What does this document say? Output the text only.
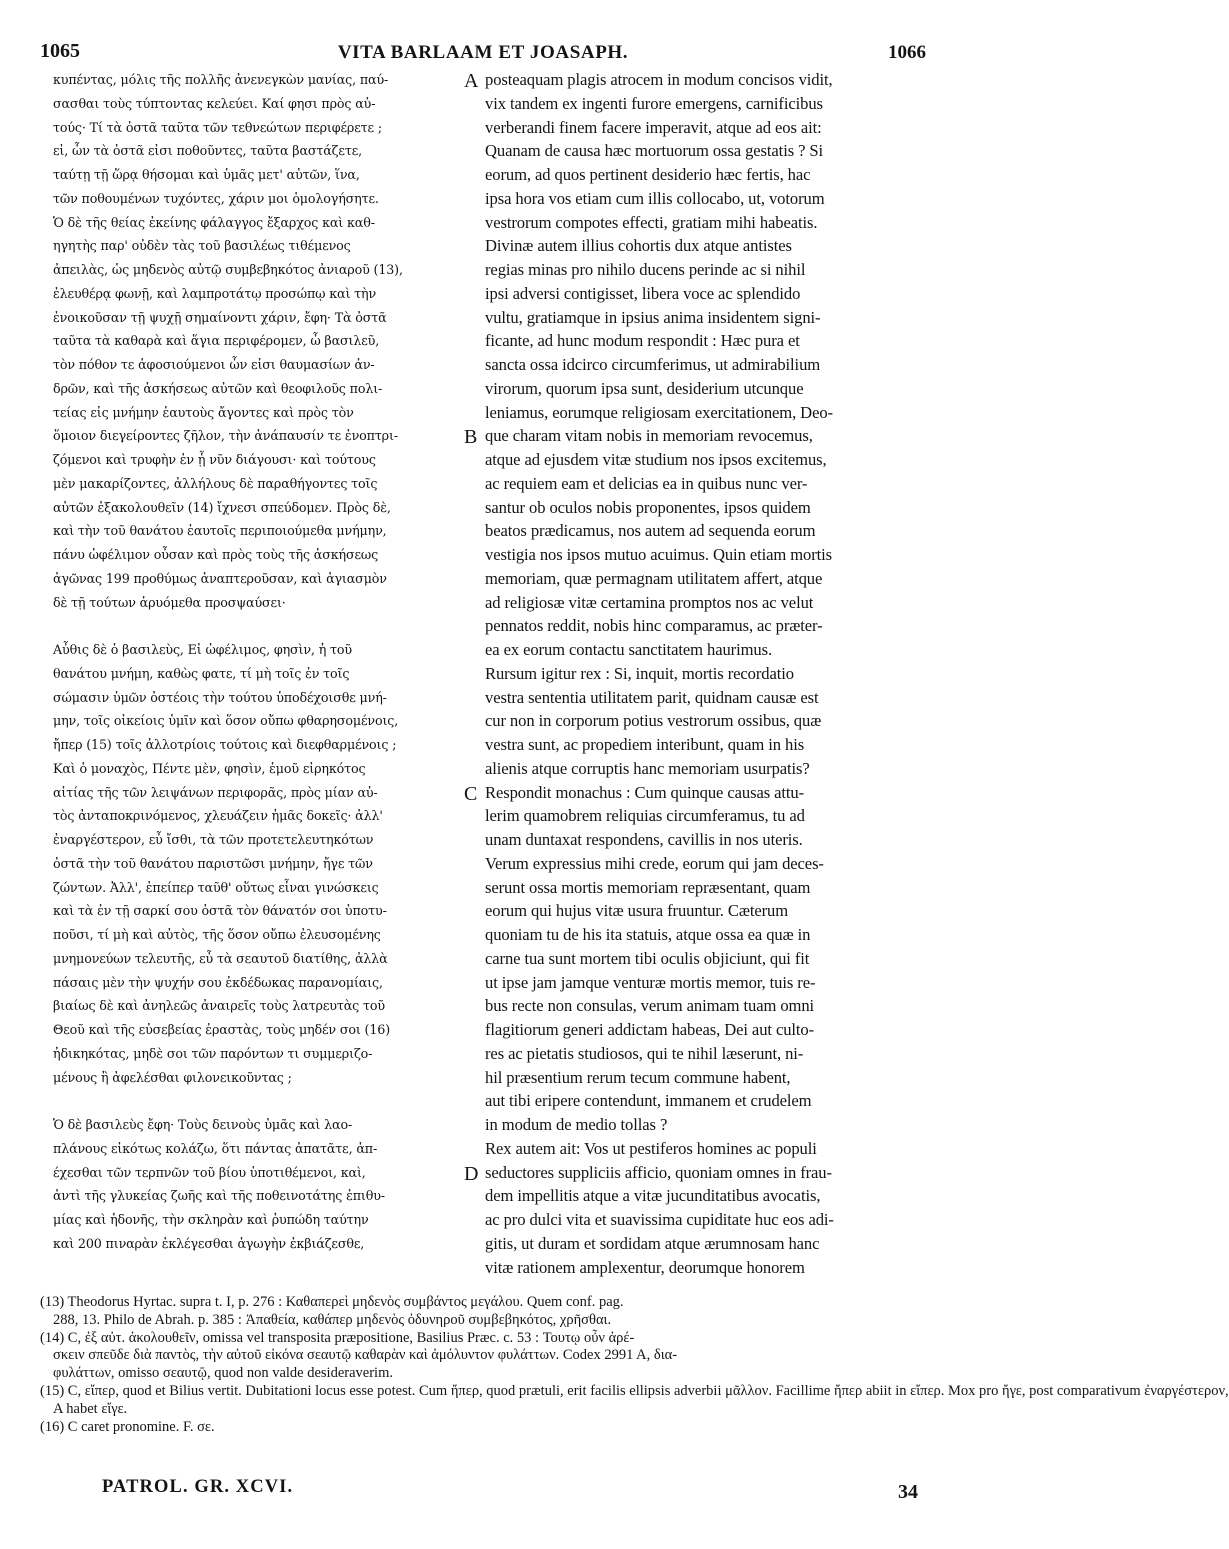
1065	VITA BARLAAM ET JOASAPH.	1066
κυπέντας, μόλις τῆς πολλῆς ἀνενεγκὼν μανίας, παύ-
σασθαι τοὺς τύπτοντας κελεύει. Καί φησι πρὸς αὐ-
τούς· Τί τὰ ὀστᾶ ταῦτα τῶν τεθνεώτων περιφέρετε ;
εἰ, ὧν τὰ ὀστᾶ εἰσι ποθοῦντες, ταῦτα βαστάζετε,
ταύτῃ τῇ ὥρᾳ θήσομαι καὶ ὑμᾶς μετ' αὐτῶν, ἵνα,
τῶν ποθουμένων τυχόντες, χάριν μοι ὁμολογήσητε.
Ὁ δὲ τῆς θείας ἐκείνης φάλαγγος ἔξαρχος καὶ καθ-
ηγητὴς παρ' οὐδὲν τὰς τοῦ βασιλέως τιθέμενος
ἀπειλὰς, ὡς μηδενὸς αὐτῷ συμβεβηκότος ἀνιαροῦ (13),
ἐλευθέρᾳ φωνῇ, καὶ λαμπροτάτῳ προσώπῳ καὶ τὴν
ἐνοικοῦσαν τῇ ψυχῇ σημαίνοντι χάριν, ἔφη· Τὰ ὀστᾶ
ταῦτα τὰ καθαρὰ καὶ ἅγια περιφέρομεν, ὦ βασιλεῦ,
τὸν πόθον τε ἀφοσιούμενοι ὧν εἰσι θαυμασίων ἀν-
δρῶν, καὶ τῆς ἀσκήσεως αὐτῶν καὶ θεοφιλοῦς πολι-
τείας εἰς μνήμην ἑαυτοὺς ἄγοντες καὶ πρὸς τὸν
ὅμοιον διεγείροντες ζῆλον, τὴν ἀνάπαυσίν τε ἐνοπτρι-
ζόμενοι καὶ τρυφὴν ἐν ᾗ νῦν διάγουσι· καὶ τούτους
μὲν μακαρίζοντες, ἀλλήλους δὲ παραθήγοντες τοῖς
αὐτῶν ἐξακολουθεῖν (14) ἴχνεσι σπεύδομεν. Πρὸς δὲ,
καὶ τὴν τοῦ θανάτου ἑαυτοῖς περιποιούμεθα μνήμην,
πάνυ ὠφέλιμον οὖσαν καὶ πρὸς τοὺς τῆς ἀσκήσεως
ἀγῶνας 199 προθύμως ἀναπτεροῦσαν, καὶ ἁγιασμὸν
δὲ τῇ τούτων ἀρυόμεθα προσψαύσει·
Αὖθις δὲ ὁ βασιλεὺς, Εἰ ὠφέλιμος, φησὶν, ἡ τοῦ
θανάτου μνήμη, καθὼς φατε, τί μὴ τοῖς ἐν τοῖς
σώμασιν ὑμῶν ὀστέοις τὴν τούτου ὑποδέχοισθε μνή-
μην, τοῖς οἰκείοις ὑμῖν καὶ ὅσον οὔπω φθαρησομένοις,
ἤπερ (15) τοῖς ἀλλοτρίοις τούτοις καὶ διεφθαρμένοις ;
Καὶ ὁ μοναχὸς, Πέντε μὲν, φησὶν, ἐμοῦ εἰρηκότος
αἰτίας τῆς τῶν λειψάνων περιφορᾶς, πρὸς μίαν αὐ-
τὸς ἀνταποκρινόμενος, χλευάζειν ἡμᾶς δοκεῖς· ἀλλ'
ἐναργέστερον, εὖ ἴσθι, τὰ τῶν προτετελευτηκότων
ὀστᾶ τὴν τοῦ θανάτου παριστῶσι μνήμην, ἤγε τῶν
ζώντων. Ἀλλ', ἐπείπερ ταῦθ' οὕτως εἶναι γινώσκεις
καὶ τὰ ἐν τῇ σαρκί σου ὀστᾶ τὸν θάνατόν σοι ὑποτυ-
ποῦσι, τί μὴ καὶ αὐτὸς, τῆς ὅσον οὔπω ἐλευσομένης
μνημονεύων τελευτῆς, εὖ τὰ σεαυτοῦ διατίθης, ἀλλὰ
πάσαις μὲν τὴν ψυχήν σου ἐκδέδωκας παρανομίαις,
βιαίως δὲ καὶ ἀνηλεῶς ἀναιρεῖς τοὺς λατρευτὰς τοῦ
Θεοῦ καὶ τῆς εὐσεβείας ἐραστὰς, τοὺς μηδέν σοι (16)
ἠδικηκότας, μηδὲ σοι τῶν παρόντων τι συμμεριζο-
μένους ἢ ἀφελέσθαι φιλονεικοῦντας ;
Ὁ δὲ βασιλεὺς ἔφη· Τοὺς δεινοὺς ὑμᾶς καὶ λαο-
πλάνους εἰκότως κολάζω, ὅτι πάντας ἀπατᾶτε, ἀπ-
έχεσθαι τῶν τερπνῶν τοῦ βίου ὑποτιθέμενοι, καὶ,
ἀντὶ τῆς γλυκείας ζωῆς καὶ τῆς ποθεινοτάτης ἐπιθυ-
μίας καὶ ἡδονῆς, τὴν σκληρὰν καὶ ῥυπώδη ταύτην
καὶ 200 πιναρὰν ἐκλέγεσθαι ἀγωγὴν ἐκβιάζεσθε,
posteaquam plagis atrocem in modum concisos vidit,
vix tandem ex ingenti furore emergens, carnificibus
verberandi finem facere imperavit, atque ad eos ait:
Quanam de causa hæc mortuorum ossa gestatis ? Si
eorum, ad quos pertinent desiderio hæc fertis, hac
ipsa hora vos etiam cum illis collocabo, ut, votorum
vestrorum compotes effecti, gratiam mihi habeatis.
Divinæ autem illius cohortis dux atque antistes
regias minas pro nihilo ducens perinde ac si nihil
ipsi adversi contigisset, libera voce ac splendido
vultu, gratiamque in ipsius anima insidentem signi-
ficante, ad hunc modum respondit : Hæc pura et
sancta ossa idcirco circumferimus, ut admirabilium
virorum, quorum ipsa sunt, desiderium utcunque
leniamus, eorumque religiosam exercitationem, Deo-
que charam vitam nobis in memoriam revocemus,
atque ad ejusdem vitæ studium nos ipsos excitemus,
ac requiem eam et delicias ea in quibus nunc ver-
santur ob oculos nobis proponentes, ipsos quidem
beatos prædicamus, nos autem ad sequenda eorum
vestigia nos ipsos mutuo acuimus. Quin etiam mortis
memoriam, quæ permagnam utilitatem affert, atque
ad religiosæ vitæ certamina promptos nos ac velut
pennatos reddit, nobis hinc comparamus, ac præter-
ea ex eorum contactu sanctitatem haurimus.
Rursum igitur rex : Si, inquit, mortis recordatio
vestra sententia utilitatem parit, quidnam causæ est
cur non in corporum potius vestrorum ossibus, quæ
vestra sunt, ac propediem interibunt, quam in his
alienis atque corruptis hanc memoriam usurpatis?
Respondit monachus : Cum quinque causas attu-
lerim quamobrem reliquias circumferamus, tu ad
unam duntaxat respondens, cavillis in nos uteris.
Verum expressius mihi crede, eorum qui jam deces-
serunt ossa mortis memoriam repræsentant, quam
eorum qui hujus vitæ usura fruuntur. Cæterum
quoniam tu de his ita statuis, atque ossa ea quæ in
carne tua sunt mortem tibi oculis objiciunt, qui fit
ut ipse jam jamque venturæ mortis memor, tuis re-
bus recte non consulas, verum animam tuam omni
flagitiorum generi addictam habeas, Dei aut culto-
res ac pietatis studiosos, qui te nihil læserunt, ni-
hil præsentium rerum tecum commune habent,
aut tibi eripere contendunt, immanem et crudelem
in modum de medio tollas ?
Rex autem ait: Vos ut pestiferos homines ac populi
seductores suppliciis afficio, quoniam omnes in frau-
dem impellitis atque a vitæ jucunditatibus avocatis,
ac pro dulci vita et suavissima cupiditate huc eos adi-
gitis, ut duram et sordidam atque ærumnosam hanc
vitæ rationem amplexentur, deorumque honorem
A
B
C
D
(13) Theodorus Hyrtac. supra t. I, p. 276 : Καθαπερεὶ μηδενὸς συμβάντος μεγάλου. Quem conf. pag.
288, 13. Philo de Abrah. p. 385 : Ἀπαθεία, καθάπερ μηδενὸς ὀδυνηροῦ συμβεβηκότος, χρῆσθαι.
(14) C, ἐξ αὐτ. ἀκολουθεῖν, omissa vel transposita præpositione, Basilius Præc. c. 53 : Τουτῳ οὖν ἀρέ-
σκειν σπεῦδε διὰ παντὸς, τὴν αὐτοῦ εἰκόνα σεαυτῷ καθαρὰν καὶ ἀμόλυντον φυλάττων. Codex 2991 A, δια-
φυλάττων, omisso σεαυτῷ, quod non valde desideraverim.
(15) C, εἴπερ, quod et Bilius vertit. Dubitationi locus esse potest. Cum ἤπερ, quod prætuli, erit facilis ellipsis adverbii μᾶλλον. Facillime ἤπερ abiit in εἴπερ. Mox pro ἤγε, post comparativum ἐναργέστερον,
A habet εἴγε.
(16) C caret pronomine. F. σε.
PATROL. GR. XCVI.	34
